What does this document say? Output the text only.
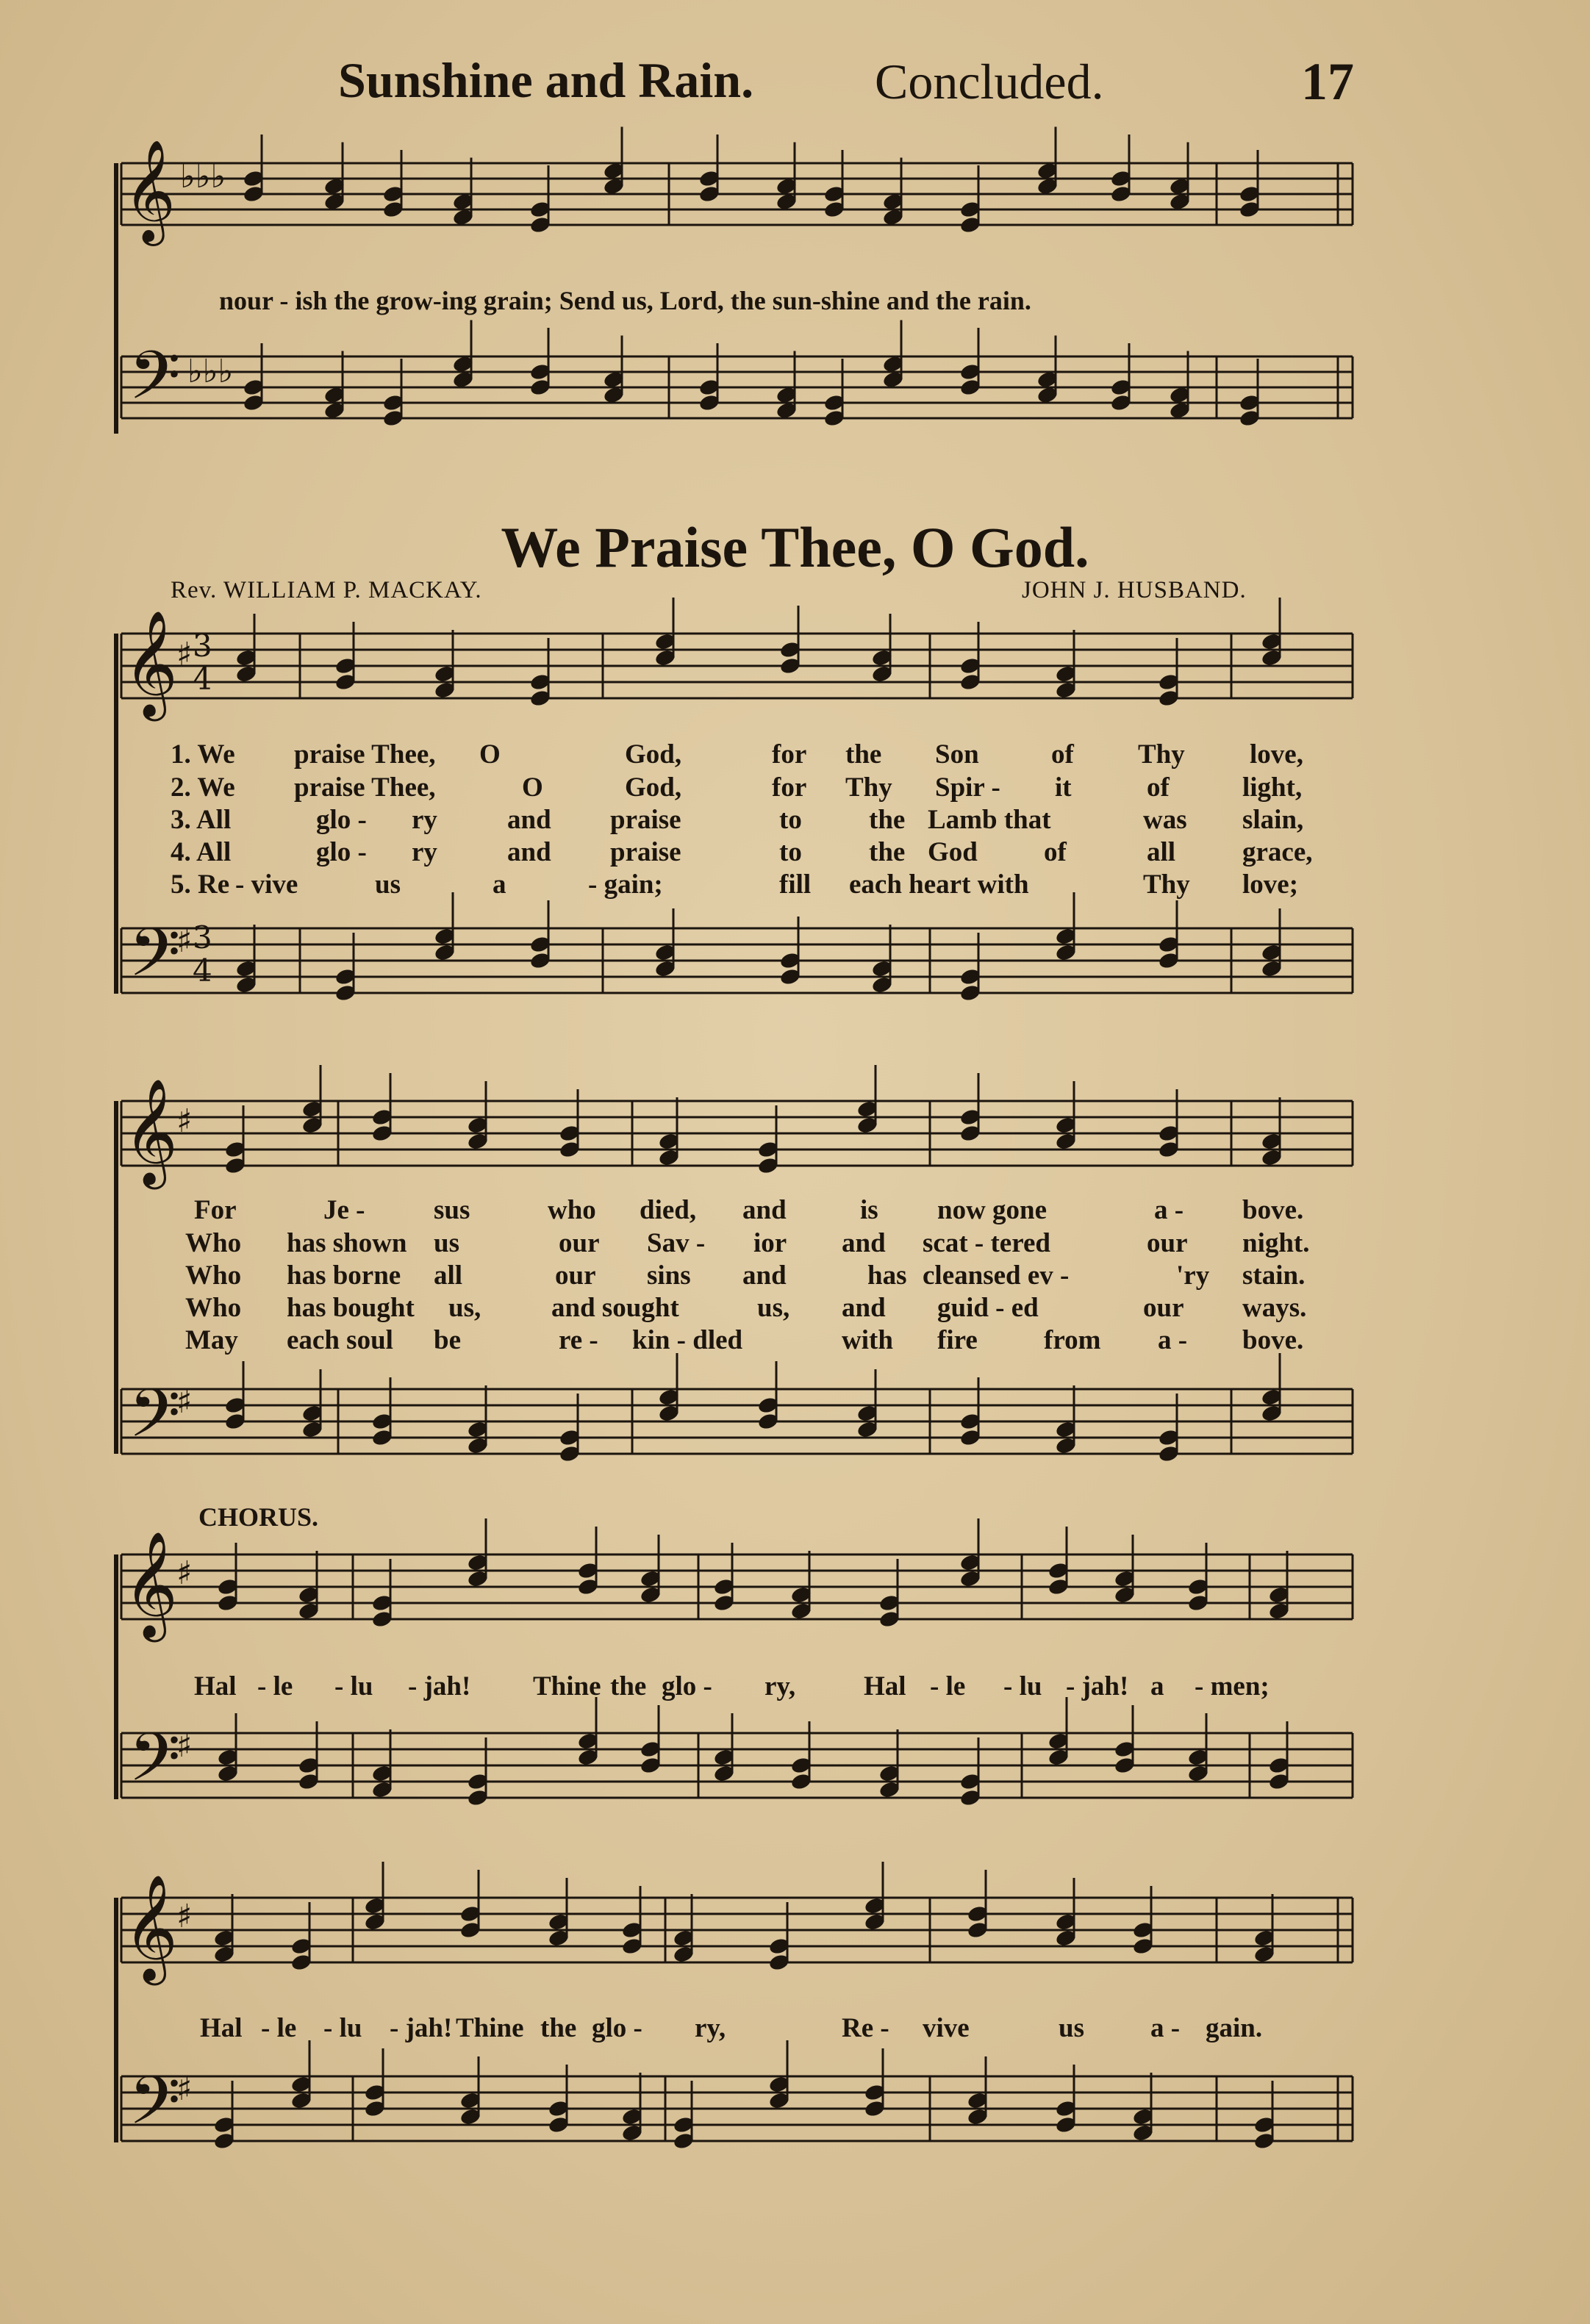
𝄞 ♭♭♭
𝄢 ♭♭♭
𝄞
♯ 3
4
𝄢
♯ 3
4
𝄞
♯
𝄢
♯
𝄞
♯
𝄢
♯
𝄞
♯
𝄢
♯
Sunshine and Rain. Concluded.	17
nour - ish the grow-ing grain; Send us, Lord, the sun-shine and the rain.
We Praise Thee, O God.
Rev. WILLIAM P. MACKAY.	JOHN J. HUSBAND.
1. We praise Thee, O	God,	for the Son	of Thy love,
2. We praise Thee,	O	God,	for Thy Spir - it	of	light,
3. All	glo - ry	and praise	to the Lamb that	was slain,
4. All	glo - ry	and praise	to the God of	all grace,
5. Re - vive	us	a	- gain;	fill each heart with	Thy love;
For	Je -	sus	who died, and	is now gone	a - bove.
Who has shown us	our Sav - ior and scat - tered	our night.
Who has borne all	our sins and	has cleansed ev -	'ry stain.
Who has bought us,	and sought	us, and guid - ed	our ways.
May each soul be	re - kin - dled	with fire from a - bove.
CHORUS.
Hal - le - lu - jah! Thine the glo - ry,	Hal - le - lu - jah! a - men;
Hal - le - lu - jah! Thine the glo - ry,	Re - vive	us a - gain.
